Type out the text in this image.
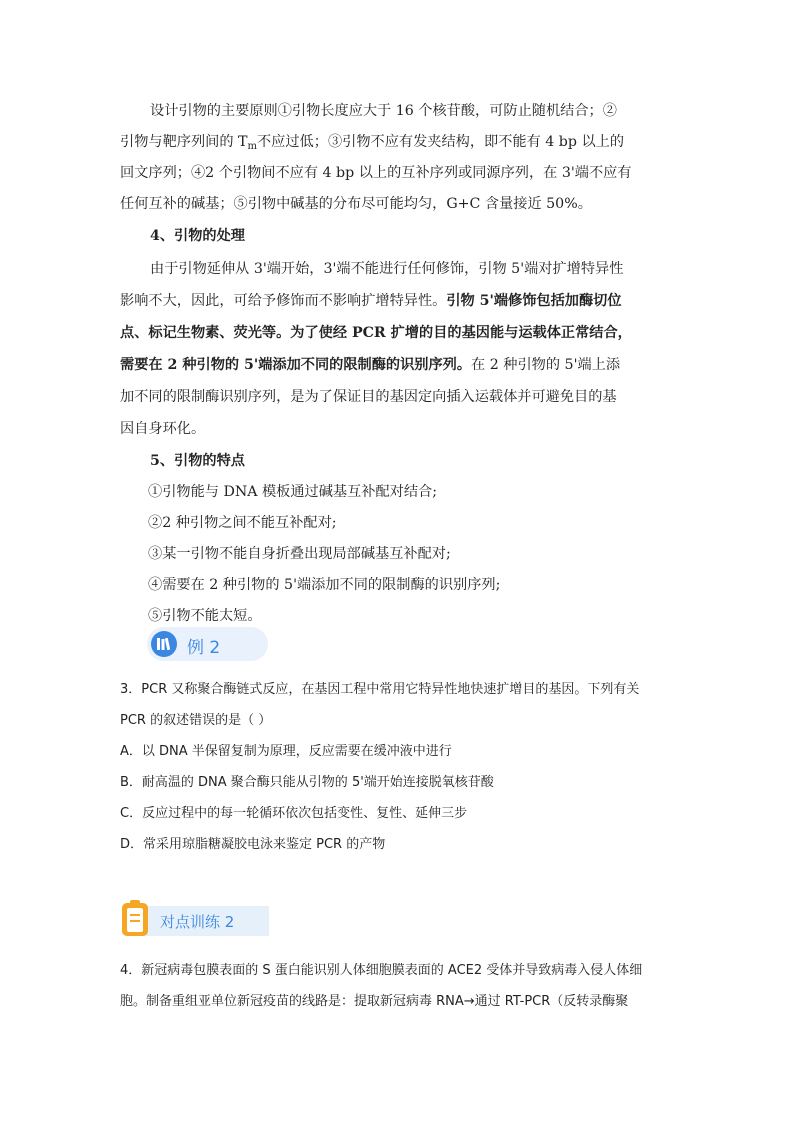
设计引物的主要原则①引物长度应大于 16 个核苷酸，可防止随机结合；②
引物与靶序列间的 $T_m$不应过低；③引物不应有发夹结构，即不能有 4 bp 以上的
回文序列；④2 个引物间不应有 4 bp 以上的互补序列或同源序列，在 3'端不应有
任何互补的碱基；⑤引物中碱基的分布尽可能均匀，G+C 含量接近 50%。
4、引物的处理
由于引物延伸从 3'端开始，3'端不能进行任何修饰，引物 5'端对扩增特异性
影响不大，因此，可给予修饰而不影响扩增特异性。引物 5'端修饰包括加酶切位
点、标记生物素、荧光等。为了使经 PCR 扩增的目的基因能与运载体正常结合，
需要在 2 种引物的 5'端添加不同的限制酶的识别序列。在 2 种引物的 5'端上添
加不同的限制酶识别序列，是为了保证目的基因定向插入运载体并可避免目的基
因自身环化。
5、引物的特点
①引物能与 DNA 模板通过碱基互补配对结合;
②2 种引物之间不能互补配对;
③某一引物不能自身折叠出现局部碱基互补配对;
④需要在 2 种引物的 5'端添加不同的限制酶的识别序列;
⑤引物不能太短。
例 2
3．PCR 又称聚合酶链式反应，在基因工程中常用它特异性地快速扩增目的基因。下列有关
PCR 的叙述错误的是（ ）
A．以 DNA 半保留复制为原理，反应需要在缓冲液中进行
B．耐高温的 DNA 聚合酶只能从引物的 5'端开始连接脱氧核苷酸
C．反应过程中的每一轮循环依次包括变性、复性、延伸三步
D．常采用琼脂糖凝胶电泳来鉴定 PCR 的产物
对点训练 2
4．新冠病毒包膜表面的 S 蛋白能识别人体细胞膜表面的 ACE2 受体并导致病毒入侵人体细
胞。制备重组亚单位新冠疫苗的线路是：提取新冠病毒 RNA→通过 RT-PCR（反转录酶聚
